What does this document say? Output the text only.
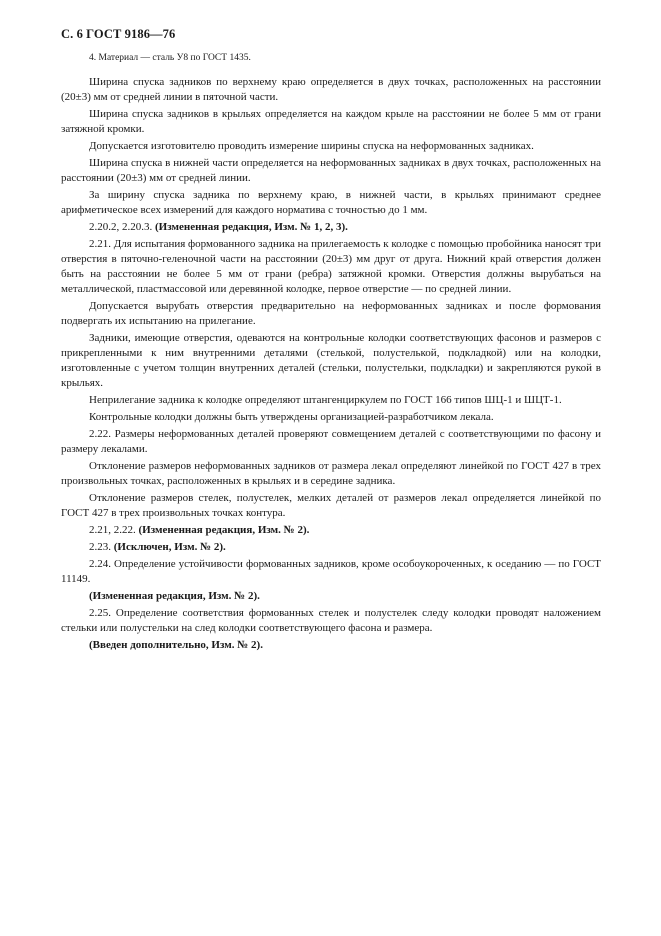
С. 6 ГОСТ 9186—76
4. Материал — сталь У8 по ГОСТ 1435.

Ширина спуска задников по верхнему краю определяется в двух точках, расположенных на расстоянии (20±3) мм от средней линии в пяточной части.

Ширина спуска задников в крыльях определяется на каждом крыле на расстоянии не более 5 мм от грани затяжной кромки.

Допускается изготовителю проводить измерение ширины спуска на неформованных задниках.

Ширина спуска в нижней части определяется на неформованных задниках в двух точках, расположенных на расстоянии (20±3) мм от средней линии.

За ширину спуска задника по верхнему краю, в нижней части, в крыльях принимают среднее арифметическое всех измерений для каждого норматива с точностью до 1 мм.

2.20.2, 2.20.3. (Измененная редакция, Изм. № 1, 2, 3).

2.21. Для испытания формованного задника на прилегаемость к колодке с помощью пробойника наносят три отверстия в пяточно-геленочной части на расстоянии (20±3) мм друг от друга. Нижний край отверстия должен быть на расстоянии не более 5 мм от грани (ребра) затяжной кромки. Отверстия должны вырубаться на металлической, пластмассовой или деревянной колодке, первое отверстие — по средней линии.

Допускается вырубать отверстия предварительно на неформованных задниках и после формования подвергать их испытанию на прилегание.

Задники, имеющие отверстия, одеваются на контрольные колодки соответствующих фасонов и размеров с прикрепленными к ним внутренними деталями (стелькой, полустелькой, подкладкой) или на колодки, изготовленные с учетом толщин внутренних деталей (стельки, полустельки, подкладки) и закрепляются рукой в крыльях.

Неприлегание задника к колодке определяют штангенциркулем по ГОСТ 166 типов ШЦ-1 и ШЦТ-1.

Контрольные колодки должны быть утверждены организацией-разработчиком лекала.

2.22. Размеры неформованных деталей проверяют совмещением деталей с соответствующими по фасону и размеру лекалами.

Отклонение размеров неформованных задников от размера лекал определяют линейкой по ГОСТ 427 в трех произвольных точках, расположенных в крыльях и в середине задника.

Отклонение размеров стелек, полустелек, мелких деталей от размеров лекал определяется линейкой по ГОСТ 427 в трех произвольных точках контура.

2.21, 2.22. (Измененная редакция, Изм. № 2).

2.23. (Исключен, Изм. № 2).

2.24. Определение устойчивости формованных задников, кроме особоукороченных, к оседанию — по ГОСТ 11149.

(Измененная редакция, Изм. № 2).

2.25. Определение соответствия формованных стелек и полустелек следу колодки проводят наложением стельки или полустельки на след колодки соответствующего фасона и размера.

(Введен дополнительно, Изм. № 2).
